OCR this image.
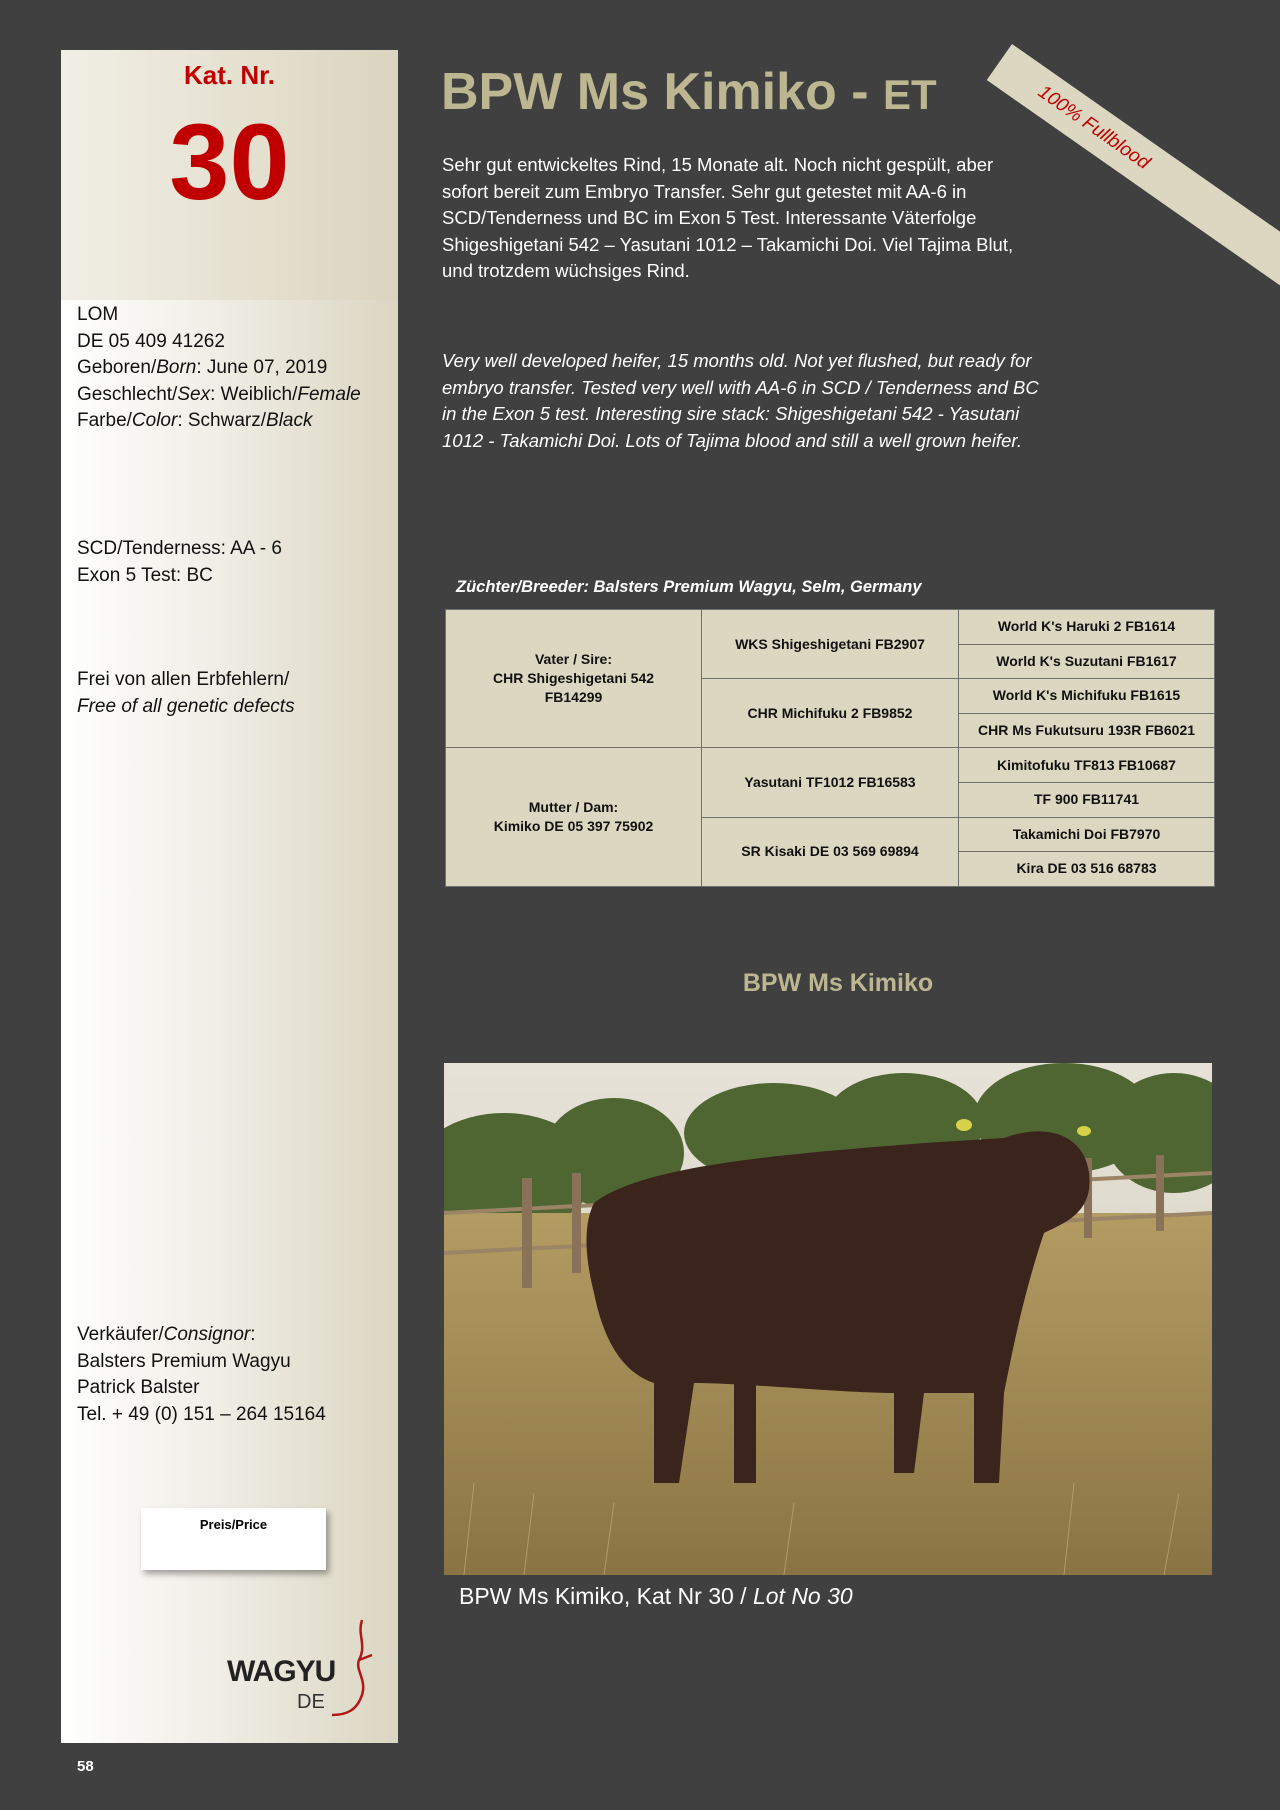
Kat. Nr.
30
LOM
DE 05 409 41262
Geboren/Born: June 07, 2019
Geschlecht/Sex: Weiblich/Female
Farbe/Color: Schwarz/Black
SCD/Tenderness: AA - 6
Exon 5 Test: BC
Frei von allen Erbfehlern/
Free of all genetic defects
Verkäufer/Consignor:
Balsters Premium Wagyu
Patrick Balster
Tel. + 49 (0) 151 – 264 15164
Preis/Price
WAGYU
DE
58
BPW Ms Kimiko - ET	100% Fullblood
Sehr gut entwickeltes Rind, 15 Monate alt. Noch nicht gespült, aber sofort bereit zum Embryo Transfer. Sehr gut getestet mit AA-6 in SCD/Tenderness und BC im Exon 5 Test. Interessante Väterfolge Shigeshigetani 542 – Yasutani 1012 – Takamichi Doi. Viel Tajima Blut, und trotzdem wüchsiges Rind.
Very well developed heifer, 15 months old. Not yet flushed, but ready for embryo transfer. Tested very well with AA-6 in SCD / Tenderness and BC in the Exon 5 test. Interesting sire stack: Shigeshigetani 542 - Yasutani 1012 - Takamichi Doi. Lots of Tajima blood and still a well grown heifer.
Züchter/Breeder: Balsters Premium Wagyu, Selm, Germany
Vater / Sire:
CHR Shigeshigetani 542
FB14299	WKS Shigeshigetani FB2907	World K's Haruki 2 FB1614
		World K's Suzutani FB1617
	CHR Michifuku 2 FB9852	World K's Michifuku FB1615
		CHR Ms Fukutsuru 193R FB6021

Mutter / Dam:
Kimiko DE 05 397 75902	Yasutani TF1012 FB16583	Kimitofuku TF813 FB10687
		TF 900 FB11741
	SR Kisaki DE 03 569 69894	Takamichi Doi FB7970
		Kira DE 03 516 68783
BPW Ms Kimiko
BPW Ms Kimiko, Kat Nr 30 / Lot No 30
